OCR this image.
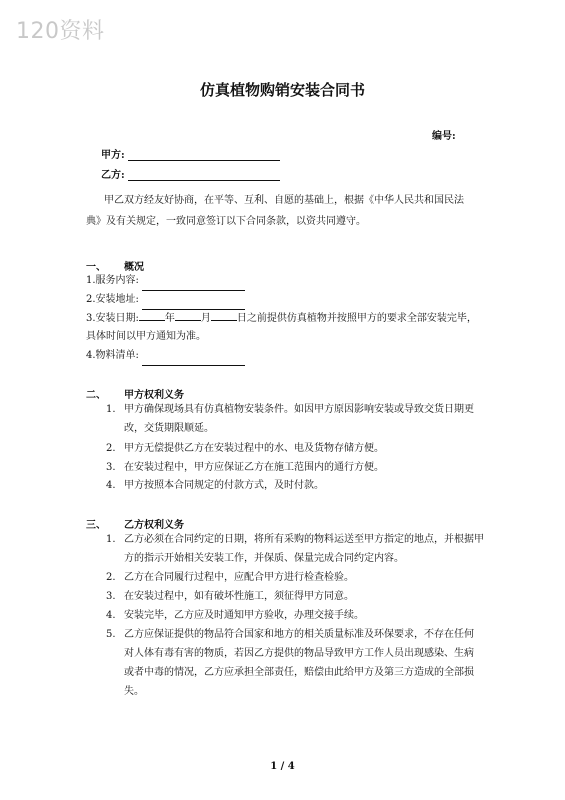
120资料
仿真植物购销安装合同书
编号:
甲方:
乙方:
甲乙双方经友好协商，在平等、互利、自愿的基础上，根据《中华人民共和国民法
典》及有关规定，一致同意签订以下合同条款，以资共同遵守。
一、 概况
1.服务内容:
2.安装地址:
3.安装日期:	年	月	日之前提供仿真植物并按照甲方的要求全部安装完毕，
具体时间以甲方通知为准。
4.物料清单:
二、 甲方权利义务
1. 甲方确保现场具有仿真植物安装条件。如因甲方原因影响安装或导致交货日期更
改，交货期限顺延。
2. 甲方无偿提供乙方在安装过程中的水、电及货物存储方便。
3. 在安装过程中，甲方应保证乙方在施工范围内的通行方便。
4. 甲方按照本合同规定的付款方式，及时付款。
三、 乙方权利义务
1. 乙方必须在合同约定的日期，将所有采购的物料运送至甲方指定的地点，并根据甲
方的指示开始相关安装工作，并保质、保量完成合同约定内容。
2. 乙方在合同履行过程中，应配合甲方进行检查检验。
3. 在安装过程中，如有破坏性施工，须征得甲方同意。
4. 安装完毕，乙方应及时通知甲方验收，办理交接手续。
5. 乙方应保证提供的物品符合国家和地方的相关质量标准及环保要求，不存在任何
对人体有毒有害的物质，若因乙方提供的物品导致甲方工作人员出现感染、生病
或者中毒的情况，乙方应承担全部责任，赔偿由此给甲方及第三方造成的全部损
失。
1 / 4
